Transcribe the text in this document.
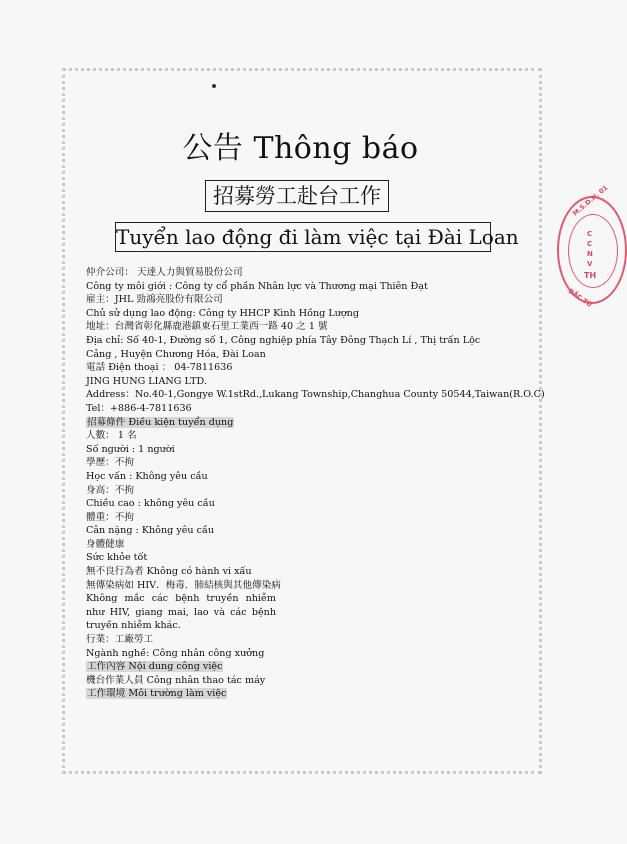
公告 Thông báo
招募勞工赴台工作
Tuyển lao động đi làm việc tại Đài Loan
仲介公司： 天達人力與貿易股份公司
Công ty môi giới : Công ty cổ phần Nhân lực và Thương mại Thiên Đạt
雇主：JHL 勁鴻亮股份有限公司
Chủ sử dụng lao động: Công ty HHCP Kình Hồng Lượng
地址：台灣省彰化縣鹿港鎮東石里工業西一路 40 之 1 號
Địa chỉ: Số 40-1, Đường số 1, Công nghiệp phía Tây Đông Thạch Lí , Thị trấn Lộc Cảng , Huyện Chương Hóa, Đài Loan
電話 Điện thoại ： 04-7811636
JING HUNG LIANG LTD.
Address：No.40-1,Gongye W.1stRd.,Lukang Township,Changhua County 50544,Taiwan(R.O.C)
Tel：+886-4-7811636
招募條件 Điều kiện tuyển dụng
人數： 1 名
Số người : 1 người
學歷：不拘
Học vấn : Không yêu cầu
身高：不拘
Chiều cao : không yêu cầu
體重：不拘
Cân nặng : Không yêu cầu
身體健康
Sức khỏe tốt
無不良行為者 Không có hành vi xấu
無傳染病如 HIV．梅毒．肺結核與其他傳染病
Không mắc các bệnh truyền nhiễm như HIV, giang mai, lao và các bệnh truyền nhiễm khác.
行業：工廠勞工
Ngành nghề: Công nhân công xưởng
工作內容 Nội dung công việc
機台作業人員 Công nhân thao tác máy
工作環境 Môi trường làm việc
M.S.D.N. 01
BẮC TỪ
C
C
N
V
TH
